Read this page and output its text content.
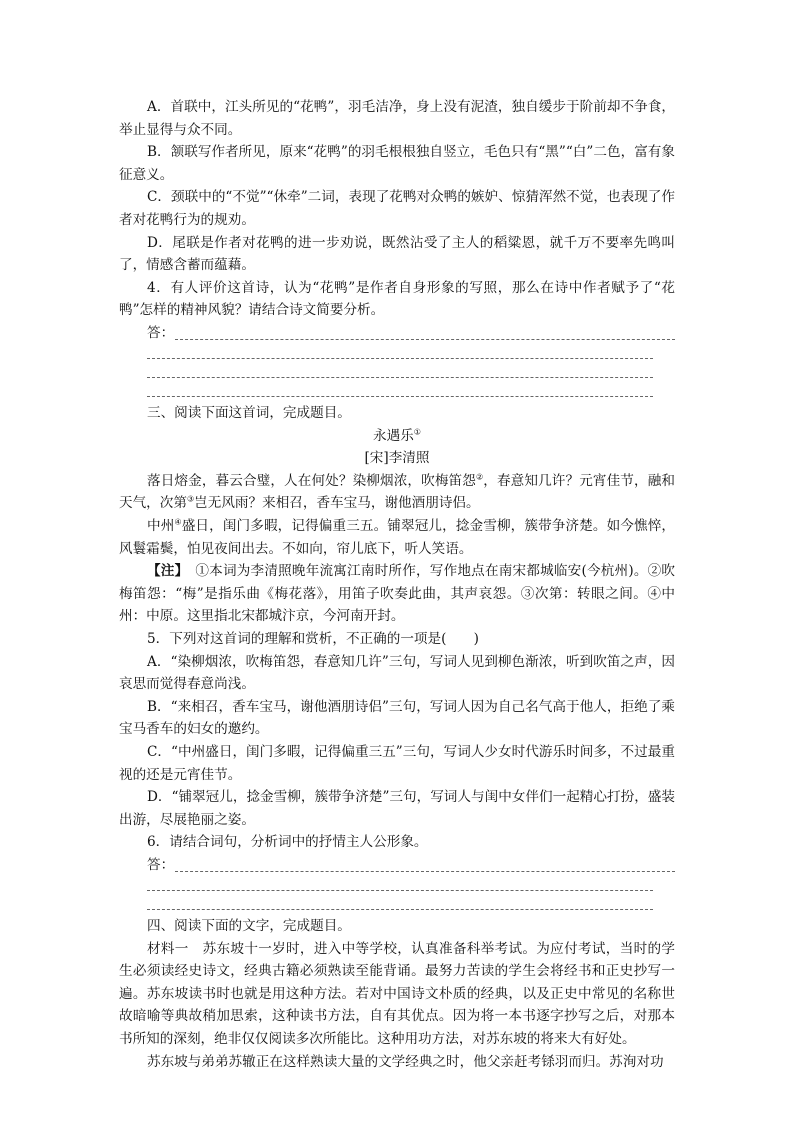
A．首联中，江头所见的“花鸭”，羽毛洁净，身上没有泥渣，独自缓步于阶前却不争食，举止显得与众不同。

B．颔联写作者所见，原来“花鸭”的羽毛根根独自竖立，毛色只有“黑”“白”二色，富有象征意义。

C．颈联中的“不觉”“休牵”二词，表现了花鸭对众鸭的嫉妒、惊猜浑然不觉，也表现了作者对花鸭行为的规劝。

D．尾联是作者对花鸭的进一步劝说，既然沾受了主人的稻粱恩，就千万不要率先鸣叫了，情感含蓄而蕴藉。

4．有人评价这首诗，认为“花鸭”是作者自身形象的写照，那么在诗中作者赋予了“花鸭”怎样的精神风貌？请结合诗文简要分析。

答：

三、阅读下面这首词，完成题目。

永遇乐①

[宋]李清照

落日熔金，暮云合璧，人在何处？染柳烟浓，吹梅笛怨②，春意知几许？元宵佳节，融和天气，次第③岂无风雨？来相召，香车宝马，谢他酒朋诗侣。

中州④盛日，闺门多暇，记得偏重三五。铺翠冠儿，捻金雪柳，簇带争济楚。如今憔悴，风鬟霜鬓，怕见夜间出去。不如向，帘儿底下，听人笑语。

【注】　 ①本词为李清照晚年流寓江南时所作，写作地点在南宋都城临安(今杭州)。②吹梅笛怨：“梅”是指乐曲《梅花落》，用笛子吹奏此曲，其声哀怨。③次第：转眼之间。④中州：中原。这里指北宋都城汴京，今河南开封。

5．下列对这首词的理解和赏析，不正确的一项是(　　)

A．“染柳烟浓，吹梅笛怨，春意知几许”三句，写词人见到柳色渐浓，听到吹笛之声，因哀思而觉得春意尚浅。

B．“来相召，香车宝马，谢他酒朋诗侣”三句，写词人因为自己名气高于他人，拒绝了乘宝马香车的妇女的邀约。

C．“中州盛日，闺门多暇，记得偏重三五”三句，写词人少女时代游乐时间多，不过最重视的还是元宵佳节。

D．“铺翠冠儿，捻金雪柳，簇带争济楚”三句，写词人与闺中女伴们一起精心打扮，盛装出游，尽展艳丽之姿。

6．请结合词句，分析词中的抒情主人公形象。

答：

四、阅读下面的文字，完成题目。

材料一　苏东坡十一岁时，进入中等学校，认真准备科举考试。为应付考试，当时的学生必须读经史诗文，经典古籍必须熟读至能背诵。最努力苦读的学生会将经书和正史抄写一遍。苏东坡读书时也就是用这种方法。若对中国诗文朴质的经典，以及正史中常见的名称世故暗喻等典故稍加思索，这种读书方法，自有其优点。因为将一本书逐字抄写之后，对那本书所知的深刻，绝非仅仅阅读多次所能比。这种用功方法，对苏东坡的将来大有好处。

苏东坡与弟弟苏辙正在这样熟读大量的文学经典之时，他父亲赶考铩羽而归。苏洵对功
